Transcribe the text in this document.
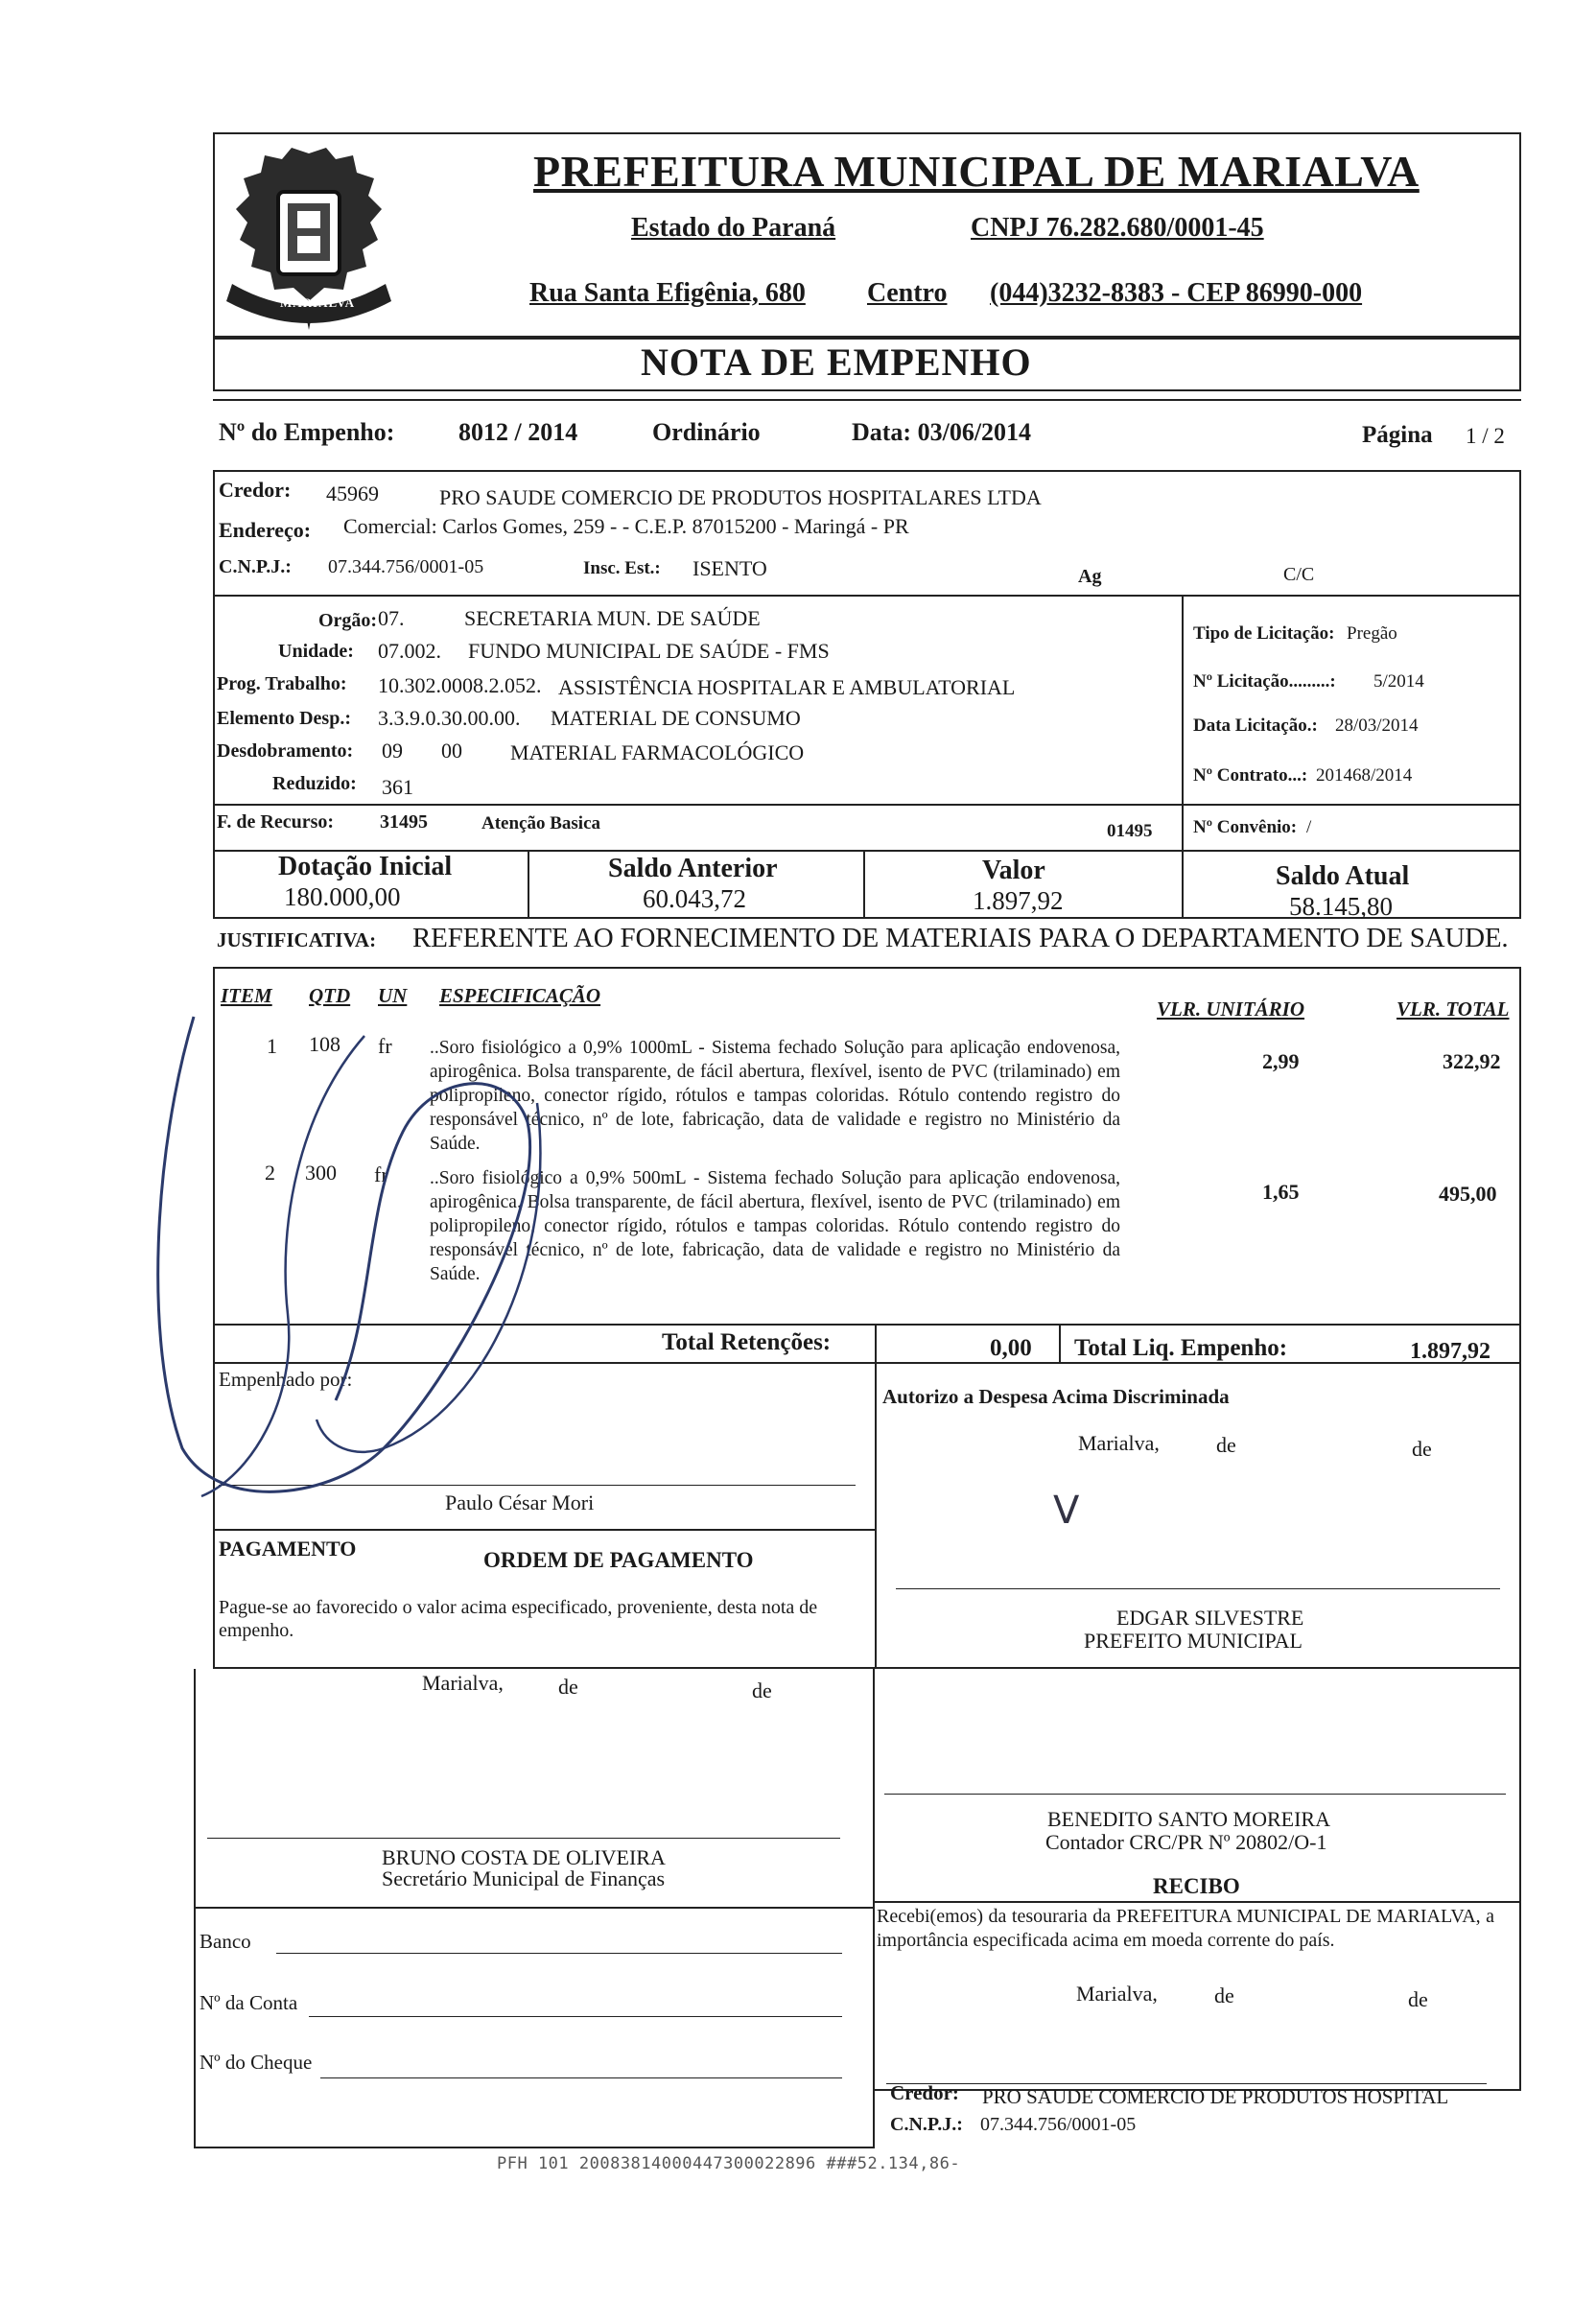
MARIALVA
PREFEITURA MUNICIPAL DE MARIALVA
Estado do Paraná	CNPJ 76.282.680/0001-45
Rua Santa Efigênia, 680 Centro (044)3232-8383 - CEP 86990-000
NOTA DE EMPENHO
Nº do Empenho:	8012 / 2014	Ordinário	Data: 03/06/2014	Página 1 / 2
Credor: 45969	PRO SAUDE COMERCIO DE PRODUTOS HOSPITALARES LTDA
Endereço: Comercial: Carlos Gomes, 259 - - C.E.P. 87015200 - Maringá - PR
C.N.P.J.: 07.344.756/0001-05	Insc. Est.: ISENTO	Ag	C/C
Orgão: 07.	SECRETARIA MUN. DE SAÚDE
Unidade: 07.002. FUNDO MUNICIPAL DE SAÚDE - FMS
Prog. Trabalho: 10.302.0008.2.052. ASSISTÊNCIA HOSPITALAR E AMBULATORIAL
Elemento Desp.: 3.3.9.0.30.00.00. MATERIAL DE CONSUMO
Desdobramento: 09 00 MATERIAL FARMACOLÓGICO
Reduzido: 361
F. de Recurso: 31495	Atenção Basica	01495
Tipo de Licitação: Pregão
Nº Licitação.........: 5/2014
Data Licitação.: 28/03/2014
Nº Contrato...: 201468/2014
Nº Convênio: /
Dotação Inicial
180.000,00
Saldo Anterior
60.043,72
Valor
1.897,92
Saldo Atual
58.145,80
JUSTIFICATIVA: REFERENTE AO FORNECIMENTO DE MATERIAIS PARA O DEPARTAMENTO DE SAUDE.
ITEM QTD UN ESPECIFICAÇÃO
VLR. UNITÁRIO	VLR. TOTAL
1 108 fr ..Soro fisiológico a 0,9% 1000mL - Sistema fechado Solução para aplicação endovenosa, apirogênica. Bolsa transparente, de fácil abertura, flexível, isento de PVC (trilaminado) em polipropileno, conector rígido, rótulos e tampas coloridas. Rótulo contendo registro do responsável técnico, nº de lote, fabricação, data de validade e registro no Ministério da Saúde.
2,99	322,92
2 300 fr ..Soro fisiológico a 0,9% 500mL - Sistema fechado Solução para aplicação endovenosa, apirogênica. Bolsa transparente, de fácil abertura, flexível, isento de PVC (trilaminado) em polipropileno, conector rígido, rótulos e tampas coloridas. Rótulo contendo registro do responsável técnico, nº de lote, fabricação, data de validade e registro no Ministério da Saúde.
1,65	495,00
Total Retenções:	0,00 Total Liq. Empenho:	1.897,92
Empenhado por:
Paulo César Mori
Autorizo a Despesa Acima Discriminada
Marialva,	de	de
V
PAGAMENTO	ORDEM DE PAGAMENTO
Pague-se ao favorecido o valor acima especificado, proveniente, desta nota de empenho.
Marialva,	de	de
EDGAR SILVESTRE
PREFEITO MUNICIPAL
BENEDITO SANTO MOREIRA
Contador CRC/PR Nº 20802/O-1
BRUNO COSTA DE OLIVEIRA
Secretário Municipal de Finanças
Banco
Nº da Conta
Nº do Cheque
RECIBO
Recebi(emos) da tesouraria da PREFEITURA MUNICIPAL DE MARIALVA, a importância especificada acima em moeda corrente do país.
Marialva,	de	de
Credor: PRO SAUDE COMERCIO DE PRODUTOS HOSPITAL
C.N.P.J.: 07.344.756/0001-05
PFH 101 20083814000447300022896 ###52.134,86-
